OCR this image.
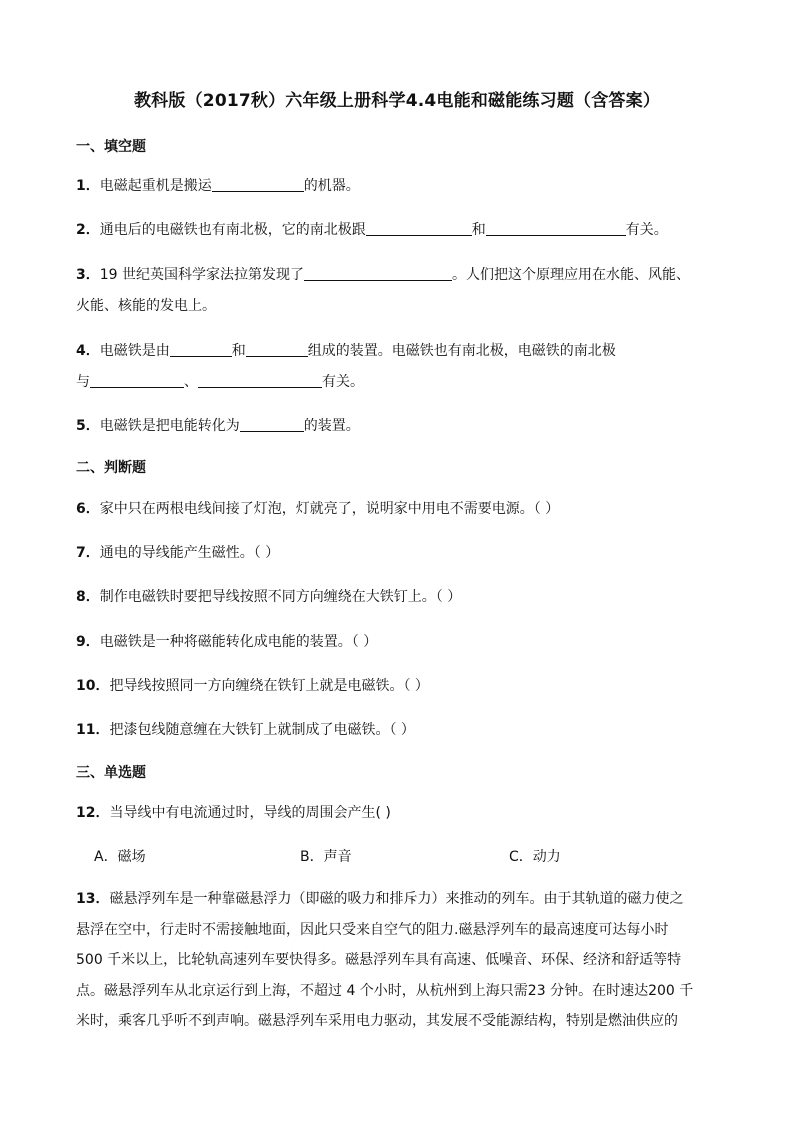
教科版（2017秋）六年级上册科学4.4电能和磁能练习题（含答案）
一、填空题
1．电磁起重机是搬运	的机器。
2．通电后的电磁铁也有南北极，它的南北极跟	和	有关。
3．19 世纪英国科学家法拉第发现了	。人们把这个原理应用在水能、风能、
火能、核能的发电上。
4．电磁铁是由	和	组成的装置。电磁铁也有南北极，电磁铁的南北极
与	、	有关。
5．电磁铁是把电能转化为	的装置。
二、判断题
6．家中只在两根电线间接了灯泡，灯就亮了，说明家中用电不需要电源。（ ）
7．通电的导线能产生磁性。（ ）
8．制作电磁铁时要把导线按照不同方向缠绕在大铁钉上。（ ）
9．电磁铁是一种将磁能转化成电能的装置。（ ）
10．把导线按照同一方向缠绕在铁钉上就是电磁铁。（ ）
11．把漆包线随意缠在大铁钉上就制成了电磁铁。（ ）
三、单选题
12．当导线中有电流通过时，导线的周围会产生( )
A．磁场	B．声音	C．动力
13．磁悬浮列车是一种靠磁悬浮力（即磁的吸力和排斥力）来推动的列车。由于其轨道的磁力使之
悬浮在空中，行走时不需接触地面，因此只受来自空气的阻力.磁悬浮列车的最高速度可达每小时
500 千米以上，比轮轨高速列车要快得多。磁悬浮列车具有高速、低噪音、环保、经济和舒适等特
点。磁悬浮列车从北京运行到上海，不超过 4 个小时，从杭州到上海只需23 分钟。在时速达200 千
米时，乘客几乎听不到声响。磁悬浮列车采用电力驱动，其发展不受能源结构，特别是燃油供应的
